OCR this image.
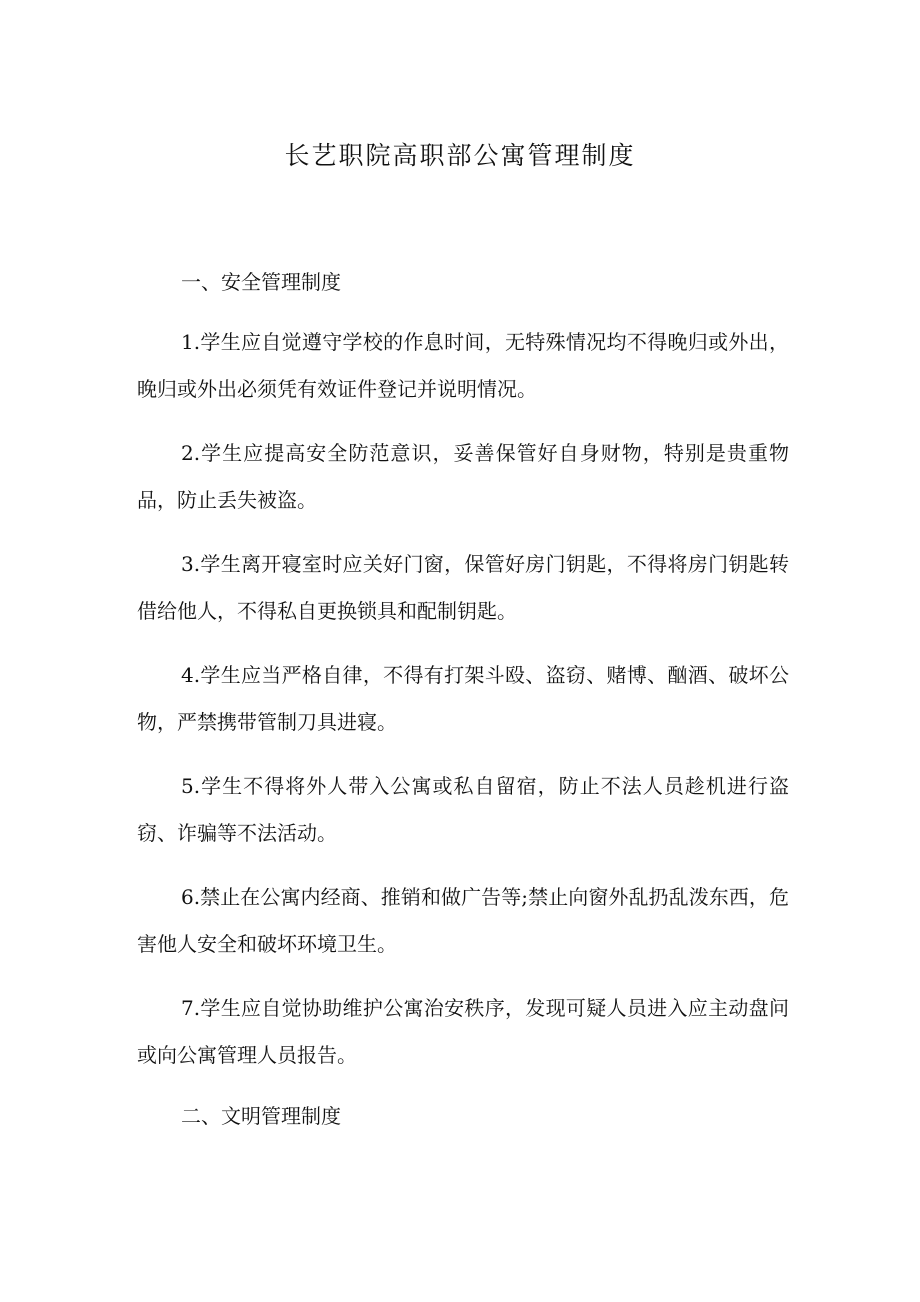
长艺职院高职部公寓管理制度
一、安全管理制度

1.学生应自觉遵守学校的作息时间，无特殊情况均不得晚归或外出，晚归或外出必须凭有效证件登记并说明情况。

2.学生应提高安全防范意识，妥善保管好自身财物，特别是贵重物品，防止丢失被盗。

3.学生离开寝室时应关好门窗，保管好房门钥匙，不得将房门钥匙转借给他人，不得私自更换锁具和配制钥匙。

4.学生应当严格自律，不得有打架斗殴、盗窃、赌博、酗酒、破坏公物，严禁携带管制刀具进寝。

5.学生不得将外人带入公寓或私自留宿，防止不法人员趁机进行盗窃、诈骗等不法活动。

6.禁止在公寓内经商、推销和做广告等;禁止向窗外乱扔乱泼东西，危害他人安全和破坏环境卫生。

7.学生应自觉协助维护公寓治安秩序，发现可疑人员进入应主动盘问或向公寓管理人员报告。

二、文明管理制度
